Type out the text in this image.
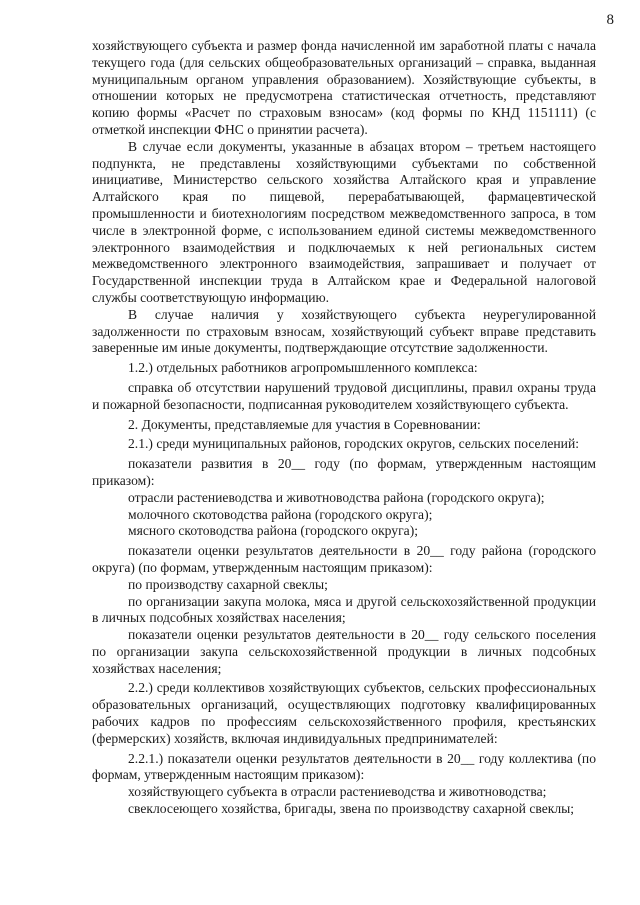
8

хозяйствующего субъекта и размер фонда начисленной им заработной платы с начала текущего года (для сельских общеобразовательных организаций – справка, выданная муниципальным органом управления образованием). Хозяйствующие субъекты, в отношении которых не предусмотрена статистическая отчетность, представляют копию формы «Расчет по страховым взносам» (код формы по КНД 1151111) (с отметкой инспекции ФНС о принятии расчета).

В случае если документы, указанные в абзацах втором – третьем настоящего подпункта, не представлены хозяйствующими субъектами по собственной инициативе, Министерство сельского хозяйства Алтайского края и управление Алтайского края по пищевой, перерабатывающей, фармацевтической промышленности и биотехнологиям посредством межведомственного запроса, в том числе в электронной форме, с использованием единой системы межведомственного электронного взаимодействия и подключаемых к ней региональных систем межведомственного электронного взаимодействия, запрашивает и получает от Государственной инспекции труда в Алтайском крае и Федеральной налоговой службы соответствующую информацию.

В случае наличия у хозяйствующего субъекта неурегулированной задолженности по страховым взносам, хозяйствующий субъект вправе представить заверенные им иные документы, подтверждающие отсутствие задолженности.

1.2.) отдельных работников агропромышленного комплекса:

справка об отсутствии нарушений трудовой дисциплины, правил охраны труда и пожарной безопасности, подписанная руководителем хозяйствующего субъекта.

2. Документы, представляемые для участия в Соревновании:

2.1.) среди муниципальных районов, городских округов, сельских поселений:

показатели развития в 20__ году (по формам, утвержденным настоящим приказом):

отрасли растениеводства и животноводства района (городского округа);

молочного скотоводства района (городского округа);

мясного скотоводства района (городского округа);

показатели оценки результатов деятельности в 20__ году района (городского округа) (по формам, утвержденным настоящим приказом):

по производству сахарной свеклы;

по организации закупа молока, мяса и другой сельскохозяйственной продукции в личных подсобных хозяйствах населения;

показатели оценки результатов деятельности в 20__ году сельского поселения по организации закупа сельскохозяйственной продукции в личных подсобных хозяйствах населения;

2.2.) среди коллективов хозяйствующих субъектов, сельских профессиональных образовательных организаций, осуществляющих подготовку квалифицированных рабочих кадров по профессиям сельскохозяйственного профиля, крестьянских (фермерских) хозяйств, включая индивидуальных предпринимателей:

2.2.1.) показатели оценки результатов деятельности в 20__ году коллектива (по формам, утвержденным настоящим приказом):

хозяйствующего субъекта в отрасли растениеводства и животноводства;

свеклосеющего хозяйства, бригады, звена по производству сахарной свеклы;
